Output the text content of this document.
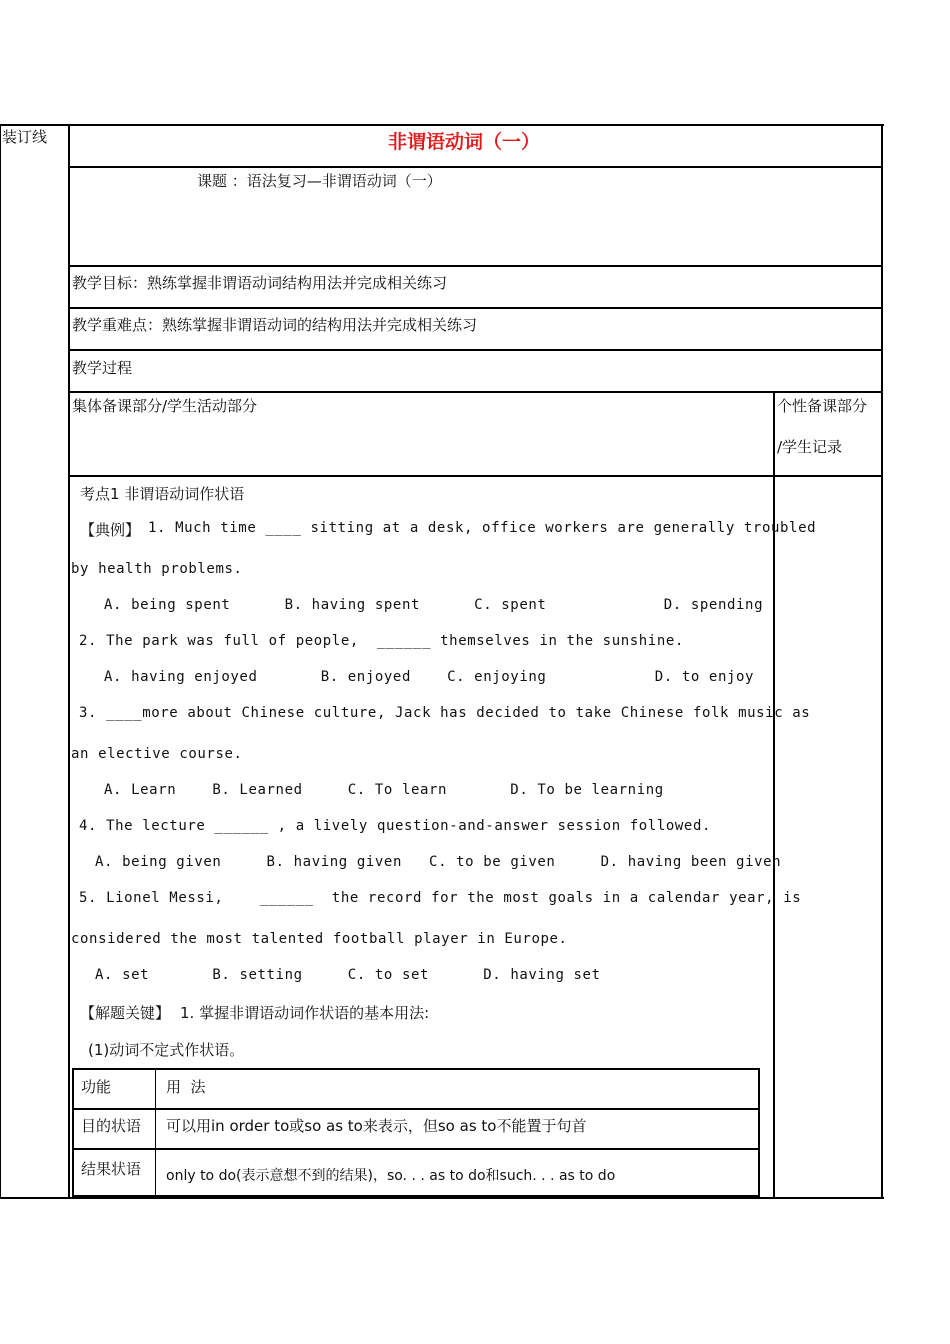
装订线	非谓语动词（一）
课题 ：语法复习—非谓语动词（一）
教学目标：熟练掌握非谓语动词结构用法并完成相关练习
教学重难点：熟练掌握非谓语动词的结构用法并完成相关练习
教学过程
集体备课部分/学生活动部分	个性备课部分
/学生记录
考点1 非谓语动词作状语
【典例】 1. Much time ____ sitting at a desk, office workers are generally troubled
by health problems.
A. being spent      B. having spent      C. spent             D. spending
2. The park was full of people,  ______ themselves in the sunshine.
A. having enjoyed       B. enjoyed    C. enjoying            D. to enjoy
3. ____more about Chinese culture, Jack has decided to take Chinese folk music as
an elective course.
A. Learn    B. Learned     C. To learn       D. To be learning
4. The lecture ______ , a lively question-and-answer session followed.
A. being given     B. having given   C. to be given     D. having been given
5. Lionel Messi,    ______  the record for the most goals in a calendar year, is
considered the most talented football player in Europe.
A. set       B. setting     C. to set      D. having set
【解题关键】 1. 掌握非谓语动词作状语的基本用法:
(1)动词不定式作状语。
功能	用  法
目的状语 可以用in order to或so as to来表示，但so as to不能置于句首
结果状语 only to do(表示意想不到的结果)，so. . . as to do和such. . . as to do
